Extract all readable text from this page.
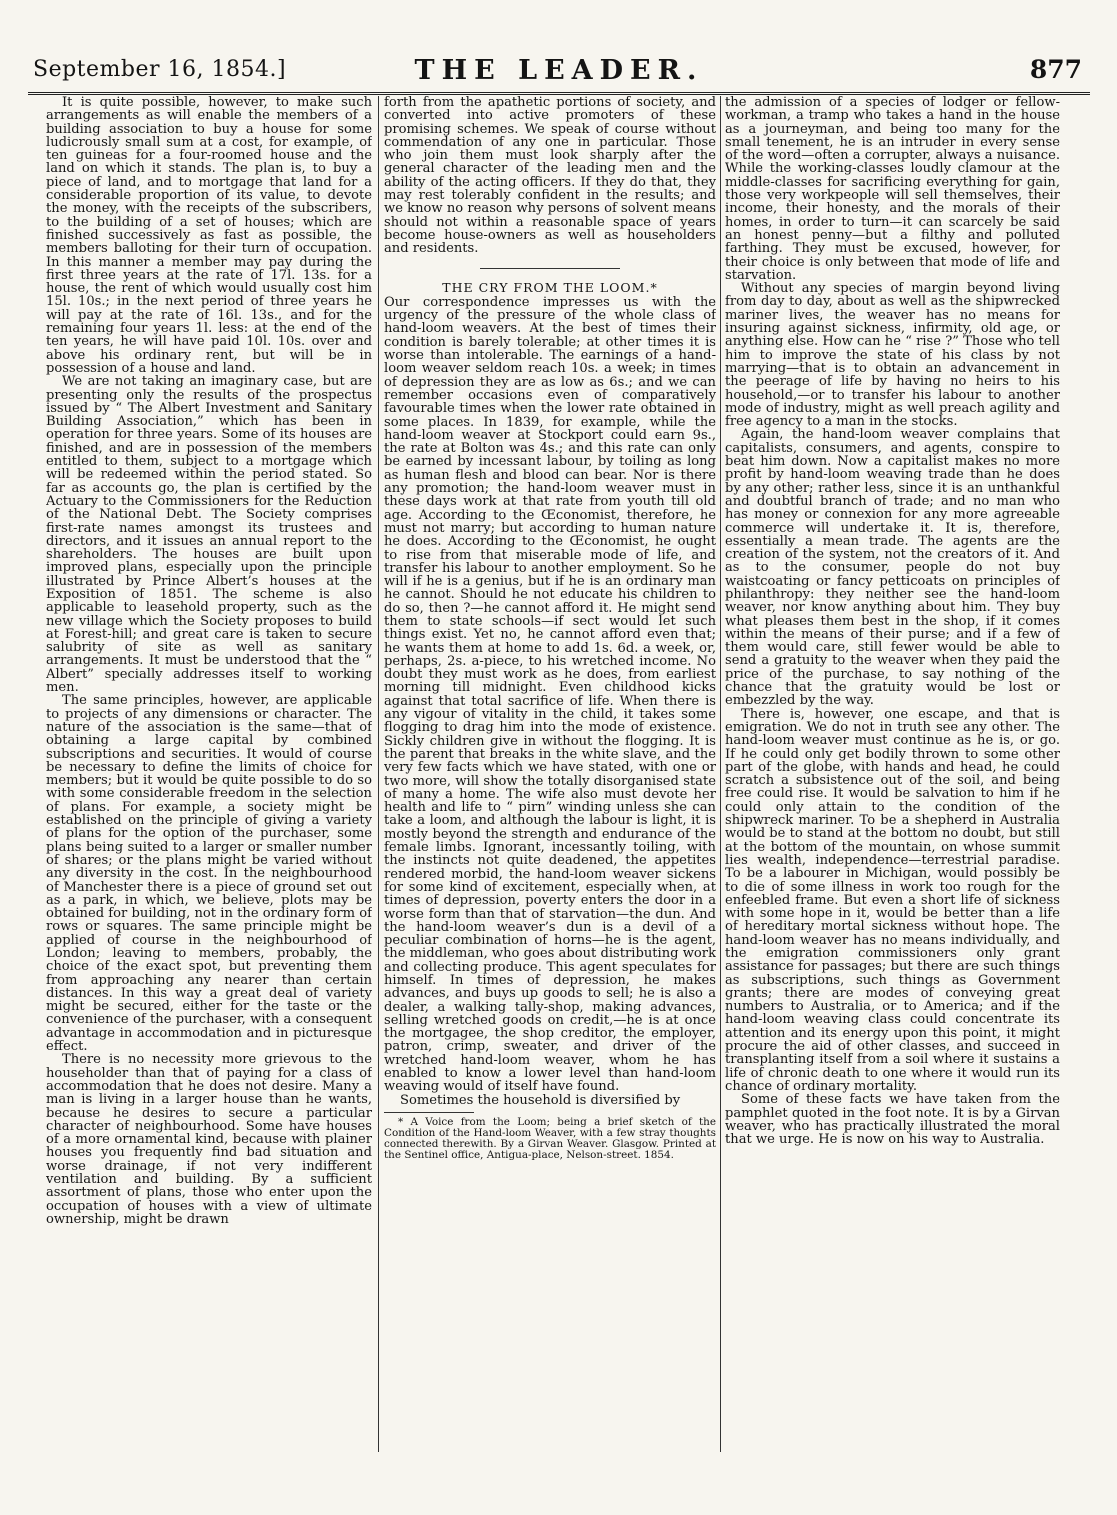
September 16, 1854.]	THE LEADER.	877

It is quite possible, however, to make such arrangements as will enable the members of a building association to buy a house for some ludicrously small sum at a cost, for example, of ten guineas for a four-roomed house and the land on which it stands. The plan is, to buy a piece of land, and to mortgage that land for a considerable proportion of its value, to devote the money, with the receipts of the subscribers, to the building of a set of houses; which are finished successively as fast as possible, the members balloting for their turn of occupation. In this manner a member may pay during the first three years at the rate of 17l. 13s. for a house, the rent of which would usually cost him 15l. 10s.; in the next period of three years he will pay at the rate of 16l. 13s., and for the remaining four years 1l. less: at the end of the ten years, he will have paid 10l. 10s. over and above his ordinary rent, but will be in possession of a house and land.

We are not taking an imaginary case, but are presenting only the results of the prospectus issued by “ The Albert Investment and Sanitary Building Association,” which has been in operation for three years. Some of its houses are finished, and are in possession of the members entitled to them, subject to a mortgage which will be redeemed within the period stated. So far as accounts go, the plan is certified by the Actuary to the Commissioners for the Reduction of the National Debt. The Society comprises first-rate names amongst its trustees and directors, and it issues an annual report to the shareholders. The houses are built upon improved plans, especially upon the principle illustrated by Prince Albert’s houses at the Exposition of 1851. The scheme is also applicable to leasehold property, such as the new village which the Society proposes to build at Forest-hill; and great care is taken to secure salubrity of site as well as sanitary arrangements. It must be understood that the “ Albert” specially addresses itself to working men.

The same principles, however, are applicable to projects of any dimensions or character. The nature of the association is the same—that of obtaining a large capital by combined subscriptions and securities. It would of course be necessary to define the limits of choice for members; but it would be quite possible to do so with some considerable freedom in the selection of plans. For example, a society might be established on the principle of giving a variety of plans for the option of the purchaser, some plans being suited to a larger or smaller number of shares; or the plans might be varied without any diversity in the cost. In the neighbourhood of Manchester there is a piece of ground set out as a park, in which, we believe, plots may be obtained for building, not in the ordinary form of rows or squares. The same principle might be applied of course in the neighbourhood of London; leaving to members, probably, the choice of the exact spot, but preventing them from approaching any nearer than certain distances. In this way a great deal of variety might be secured, either for the taste or the convenience of the purchaser, with a consequent advantage in accommodation and in picturesque effect.

There is no necessity more grievous to the householder than that of paying for a class of accommodation that he does not desire. Many a man is living in a larger house than he wants, because he desires to secure a particular character of neighbourhood. Some have houses of a more ornamental kind, because with plainer houses you frequently find bad situation and worse drainage, if not very indifferent ventilation and building. By a sufficient assortment of plans, those who enter upon the occupation of houses with a view of ultimate ownership, might be drawn

forth from the apathetic portions of society, and converted into active promoters of these promising schemes. We speak of course without commendation of any one in particular. Those who join them must look sharply after the general character of the leading men and the ability of the acting officers. If they do that, they may rest tolerably confident in the results; and we know no reason why persons of solvent means should not within a reasonable space of years become house-owners as well as householders and residents.

THE CRY FROM THE LOOM.*

Our correspondence impresses us with the urgency of the pressure of the whole class of hand-loom weavers. At the best of times their condition is barely tolerable; at other times it is worse than intolerable. The earnings of a hand-loom weaver seldom reach 10s. a week; in times of depression they are as low as 6s.; and we can remember occasions even of comparatively favourable times when the lower rate obtained in some places. In 1839, for example, while the hand-loom weaver at Stockport could earn 9s., the rate at Bolton was 4s.; and this rate can only be earned by incessant labour, by toiling as long as human flesh and blood can bear. Nor is there any promotion; the hand-loom weaver must in these days work at that rate from youth till old age. According to the Œconomist, therefore, he must not marry; but according to human nature he does. According to the Œconomist, he ought to rise from that miserable mode of life, and transfer his labour to another employment. So he will if he is a genius, but if he is an ordinary man he cannot. Should he not educate his children to do so, then ?—he cannot afford it. He might send them to state schools—if sect would let such things exist. Yet no, he cannot afford even that; he wants them at home to add 1s. 6d. a week, or, perhaps, 2s. a-piece, to his wretched income. No doubt they must work as he does, from earliest morning till midnight. Even childhood kicks against that total sacrifice of life. When there is any vigour of vitality in the child, it takes some flogging to drag him into the mode of existence. Sickly children give in without the flogging. It is the parent that breaks in the white slave, and the very few facts which we have stated, with one or two more, will show the totally disorganised state of many a home. The wife also must devote her health and life to “ pirn” winding unless she can take a loom, and although the labour is light, it is mostly beyond the strength and endurance of the female limbs. Ignorant, incessantly toiling, with the instincts not quite deadened, the appetites rendered morbid, the hand-loom weaver sickens for some kind of excitement, especially when, at times of depression, poverty enters the door in a worse form than that of starvation—the dun. And the hand-loom weaver’s dun is a devil of a peculiar combination of horns—he is the agent, the middleman, who goes about distributing work and collecting produce. This agent speculates for himself. In times of depression, he makes advances, and buys up goods to sell; he is also a dealer, a walking tally-shop, making advances, selling wretched goods on credit,—he is at once the mortgagee, the shop creditor, the employer, patron, crimp, sweater, and driver of the wretched hand-loom weaver, whom he has enabled to know a lower level than hand-loom weaving would of itself have found.

Sometimes the household is diversified by

* A Voice from the Loom; being a brief sketch of the Condition of the Hand-loom Weaver, with a few stray thoughts connected therewith. By a Girvan Weaver. Glasgow. Printed at the Sentinel office, Antigua-place, Nelson-street. 1854.

the admission of a species of lodger or fellow-workman, a tramp who takes a hand in the house as a journeyman, and being too many for the small tenement, he is an intruder in every sense of the word—often a corrupter, always a nuisance. While the working-classes loudly clamour at the middle-classes for sacrificing everything for gain, those very workpeople will sell themselves, their income, their honesty, and the morals of their homes, in order to turn—it can scarcely be said an honest penny—but a filthy and polluted farthing. They must be excused, however, for their choice is only between that mode of life and starvation.

Without any species of margin beyond living from day to day, about as well as the shipwrecked mariner lives, the weaver has no means for insuring against sickness, infirmity, old age, or anything else. How can he “ rise ?” Those who tell him to improve the state of his class by not marrying—that is to obtain an advancement in the peerage of life by having no heirs to his household,—or to transfer his labour to another mode of industry, might as well preach agility and free agency to a man in the stocks.

Again, the hand-loom weaver complains that capitalists, consumers, and agents, conspire to beat him down. Now a capitalist makes no more profit by hand-loom weaving trade than he does by any other; rather less, since it is an unthankful and doubtful branch of trade; and no man who has money or connexion for any more agreeable commerce will undertake it. It is, therefore, essentially a mean trade. The agents are the creation of the system, not the creators of it. And as to the consumer, people do not buy waistcoating or fancy petticoats on principles of philanthropy: they neither see the hand-loom weaver, nor know anything about him. They buy what pleases them best in the shop, if it comes within the means of their purse; and if a few of them would care, still fewer would be able to send a gratuity to the weaver when they paid the price of the purchase, to say nothing of the chance that the gratuity would be lost or embezzled by the way.

There is, however, one escape, and that is emigration. We do not in truth see any other. The hand-loom weaver must continue as he is, or go. If he could only get bodily thrown to some other part of the globe, with hands and head, he could scratch a subsistence out of the soil, and being free could rise. It would be salvation to him if he could only attain to the condition of the shipwreck mariner. To be a shepherd in Australia would be to stand at the bottom no doubt, but still at the bottom of the mountain, on whose summit lies wealth, independence—terrestrial paradise. To be a labourer in Michigan, would possibly be to die of some illness in work too rough for the enfeebled frame. But even a short life of sickness with some hope in it, would be better than a life of hereditary mortal sickness without hope. The hand-loom weaver has no means individually, and the emigration commissioners only grant assistance for passages; but there are such things as subscriptions, such things as Government grants; there are modes of conveying great numbers to Australia, or to America; and if the hand-loom weaving class could concentrate its attention and its energy upon this point, it might procure the aid of other classes, and succeed in transplanting itself from a soil where it sustains a life of chronic death to one where it would run its chance of ordinary mortality.

Some of these facts we have taken from the pamphlet quoted in the foot note. It is by a Girvan weaver, who has practically illustrated the moral that we urge. He is now on his way to Australia.
